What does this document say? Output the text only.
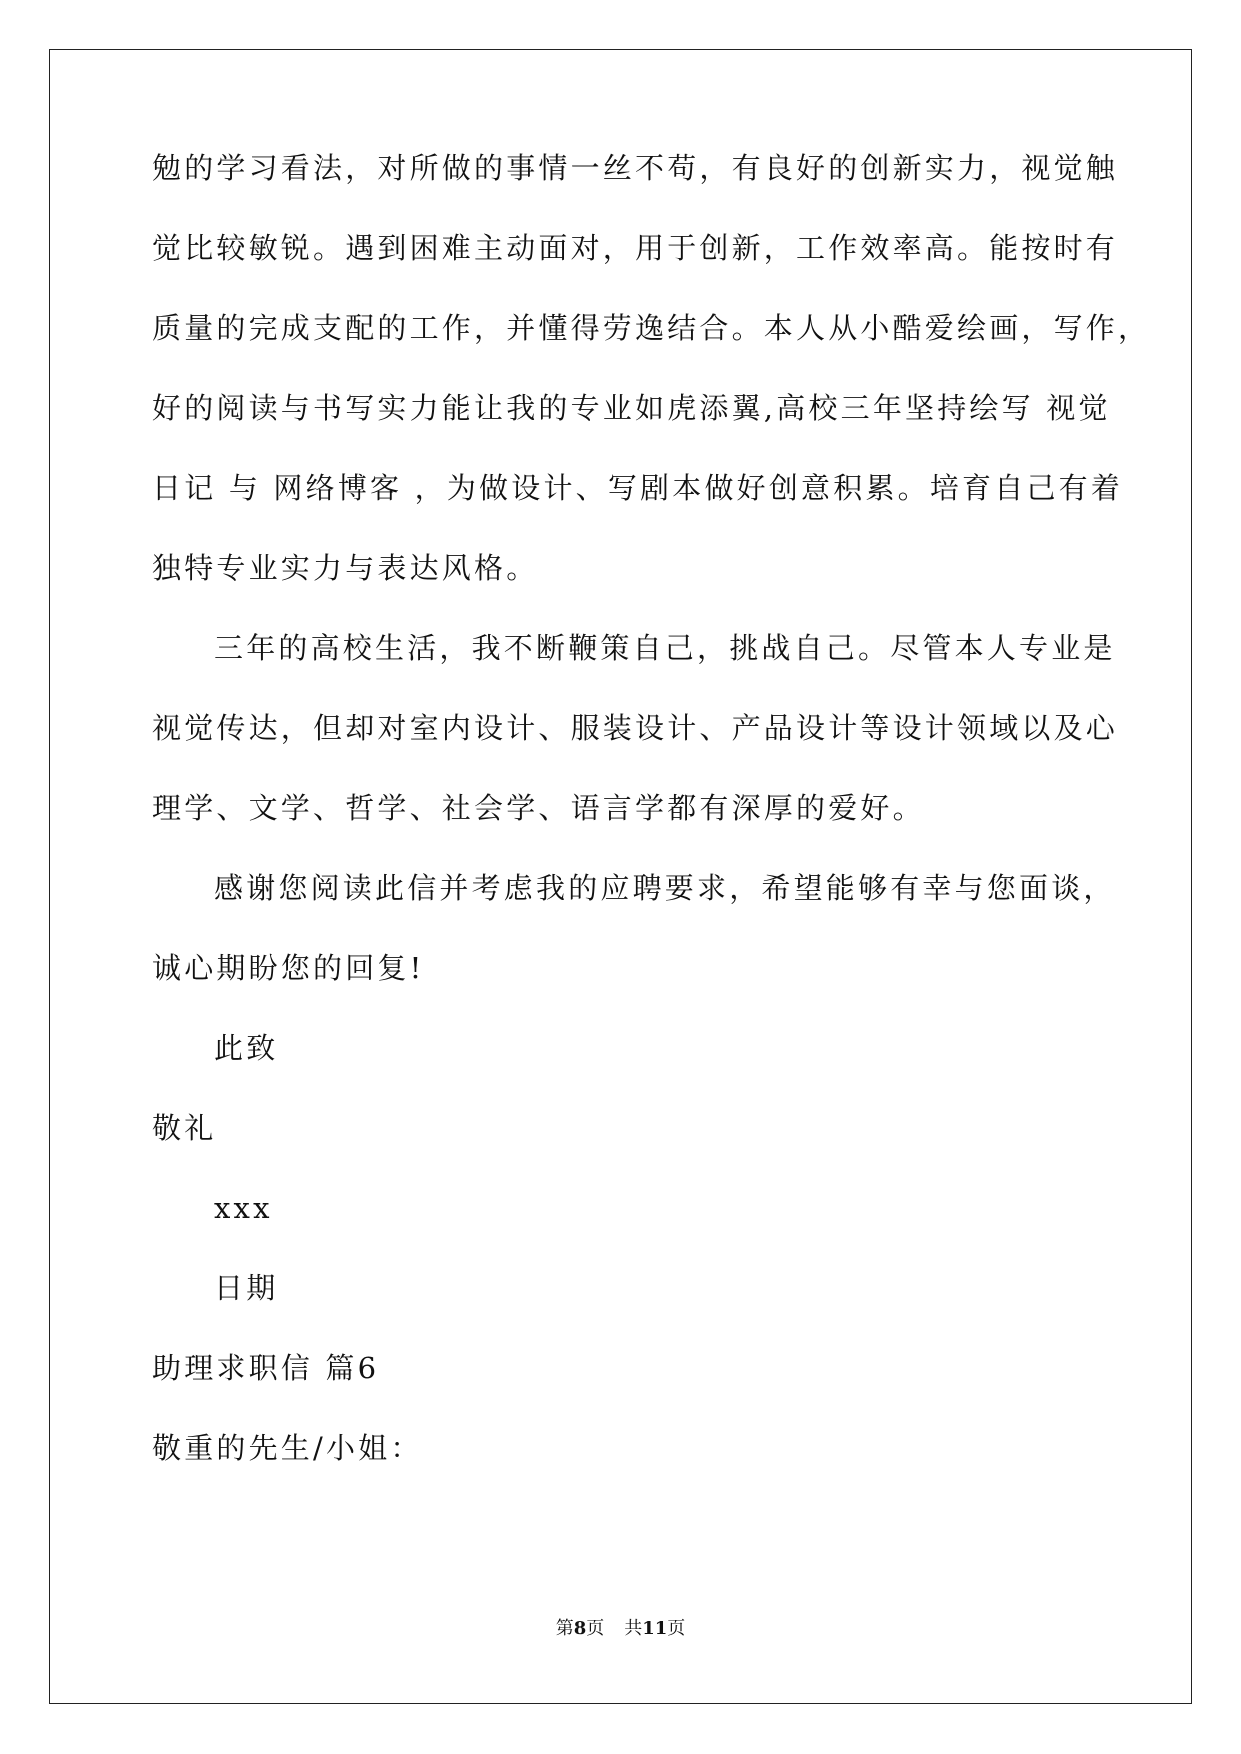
勉的学习看法，对所做的事情一丝不苟，有良好的创新实力，视觉触
觉比较敏锐。遇到困难主动面对，用于创新，工作效率高。能按时有
质量的完成支配的工作，并懂得劳逸结合。本人从小酷爱绘画，写作，
好的阅读与书写实力能让我的专业如虎添翼,高校三年坚持绘写 视觉
日记 与 网络博客 ，为做设计、写剧本做好创意积累。培育自己有着
独特专业实力与表达风格。
三年的高校生活，我不断鞭策自己，挑战自己。尽管本人专业是
视觉传达，但却对室内设计、服装设计、产品设计等设计领域以及心
理学、文学、哲学、社会学、语言学都有深厚的爱好。
感谢您阅读此信并考虑我的应聘要求，希望能够有幸与您面谈，
诚心期盼您的回复!
此致
敬礼
xxx
日期
助理求职信 篇6
敬重的先生/小姐：
第8页 共11页
